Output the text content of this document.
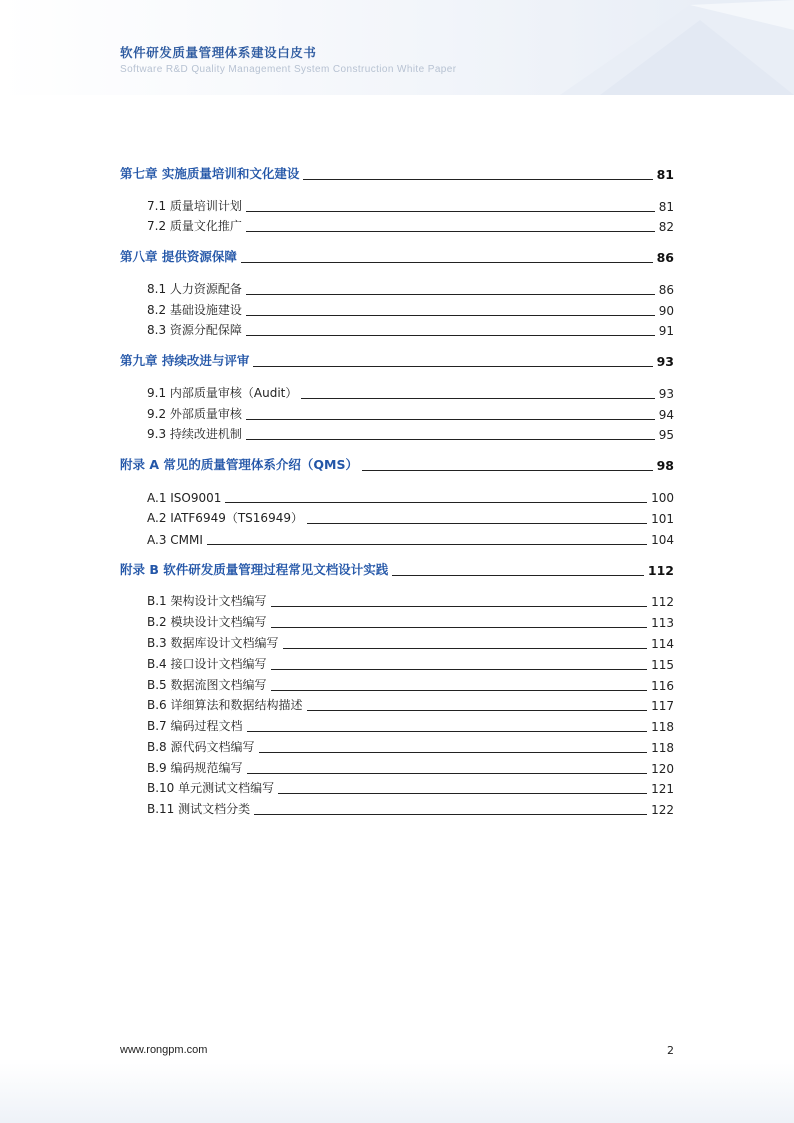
软件研发质量管理体系建设白皮书
Software R&D Quality Management System Construction White Paper
第七章 实施质量培训和文化建设	81
7.1 质量培训计划	81
7.2 质量文化推广	82
第八章 提供资源保障	86
8.1 人力资源配备	86
8.2 基础设施建设	90
8.3 资源分配保障	91
第九章 持续改进与评审	93
9.1 内部质量审核（Audit）	93
9.2 外部质量审核	94
9.3 持续改进机制	95
附录 A 常见的质量管理体系介绍（QMS）	98
A.1 ISO9001	100
A.2 IATF6949（TS16949）	101
A.3 CMMI	104
附录 B 软件研发质量管理过程常见文档设计实践	112
B.1 架构设计文档编写	112
B.2 模块设计文档编写	113
B.3 数据库设计文档编写	114
B.4 接口设计文档编写	115
B.5 数据流图文档编写	116
B.6 详细算法和数据结构描述	117
B.7 编码过程文档	118
B.8 源代码文档编写	118
B.9 编码规范编写	120
B.10 单元测试文档编写	121
B.11 测试文档分类	122
www.rongpm.com	2
